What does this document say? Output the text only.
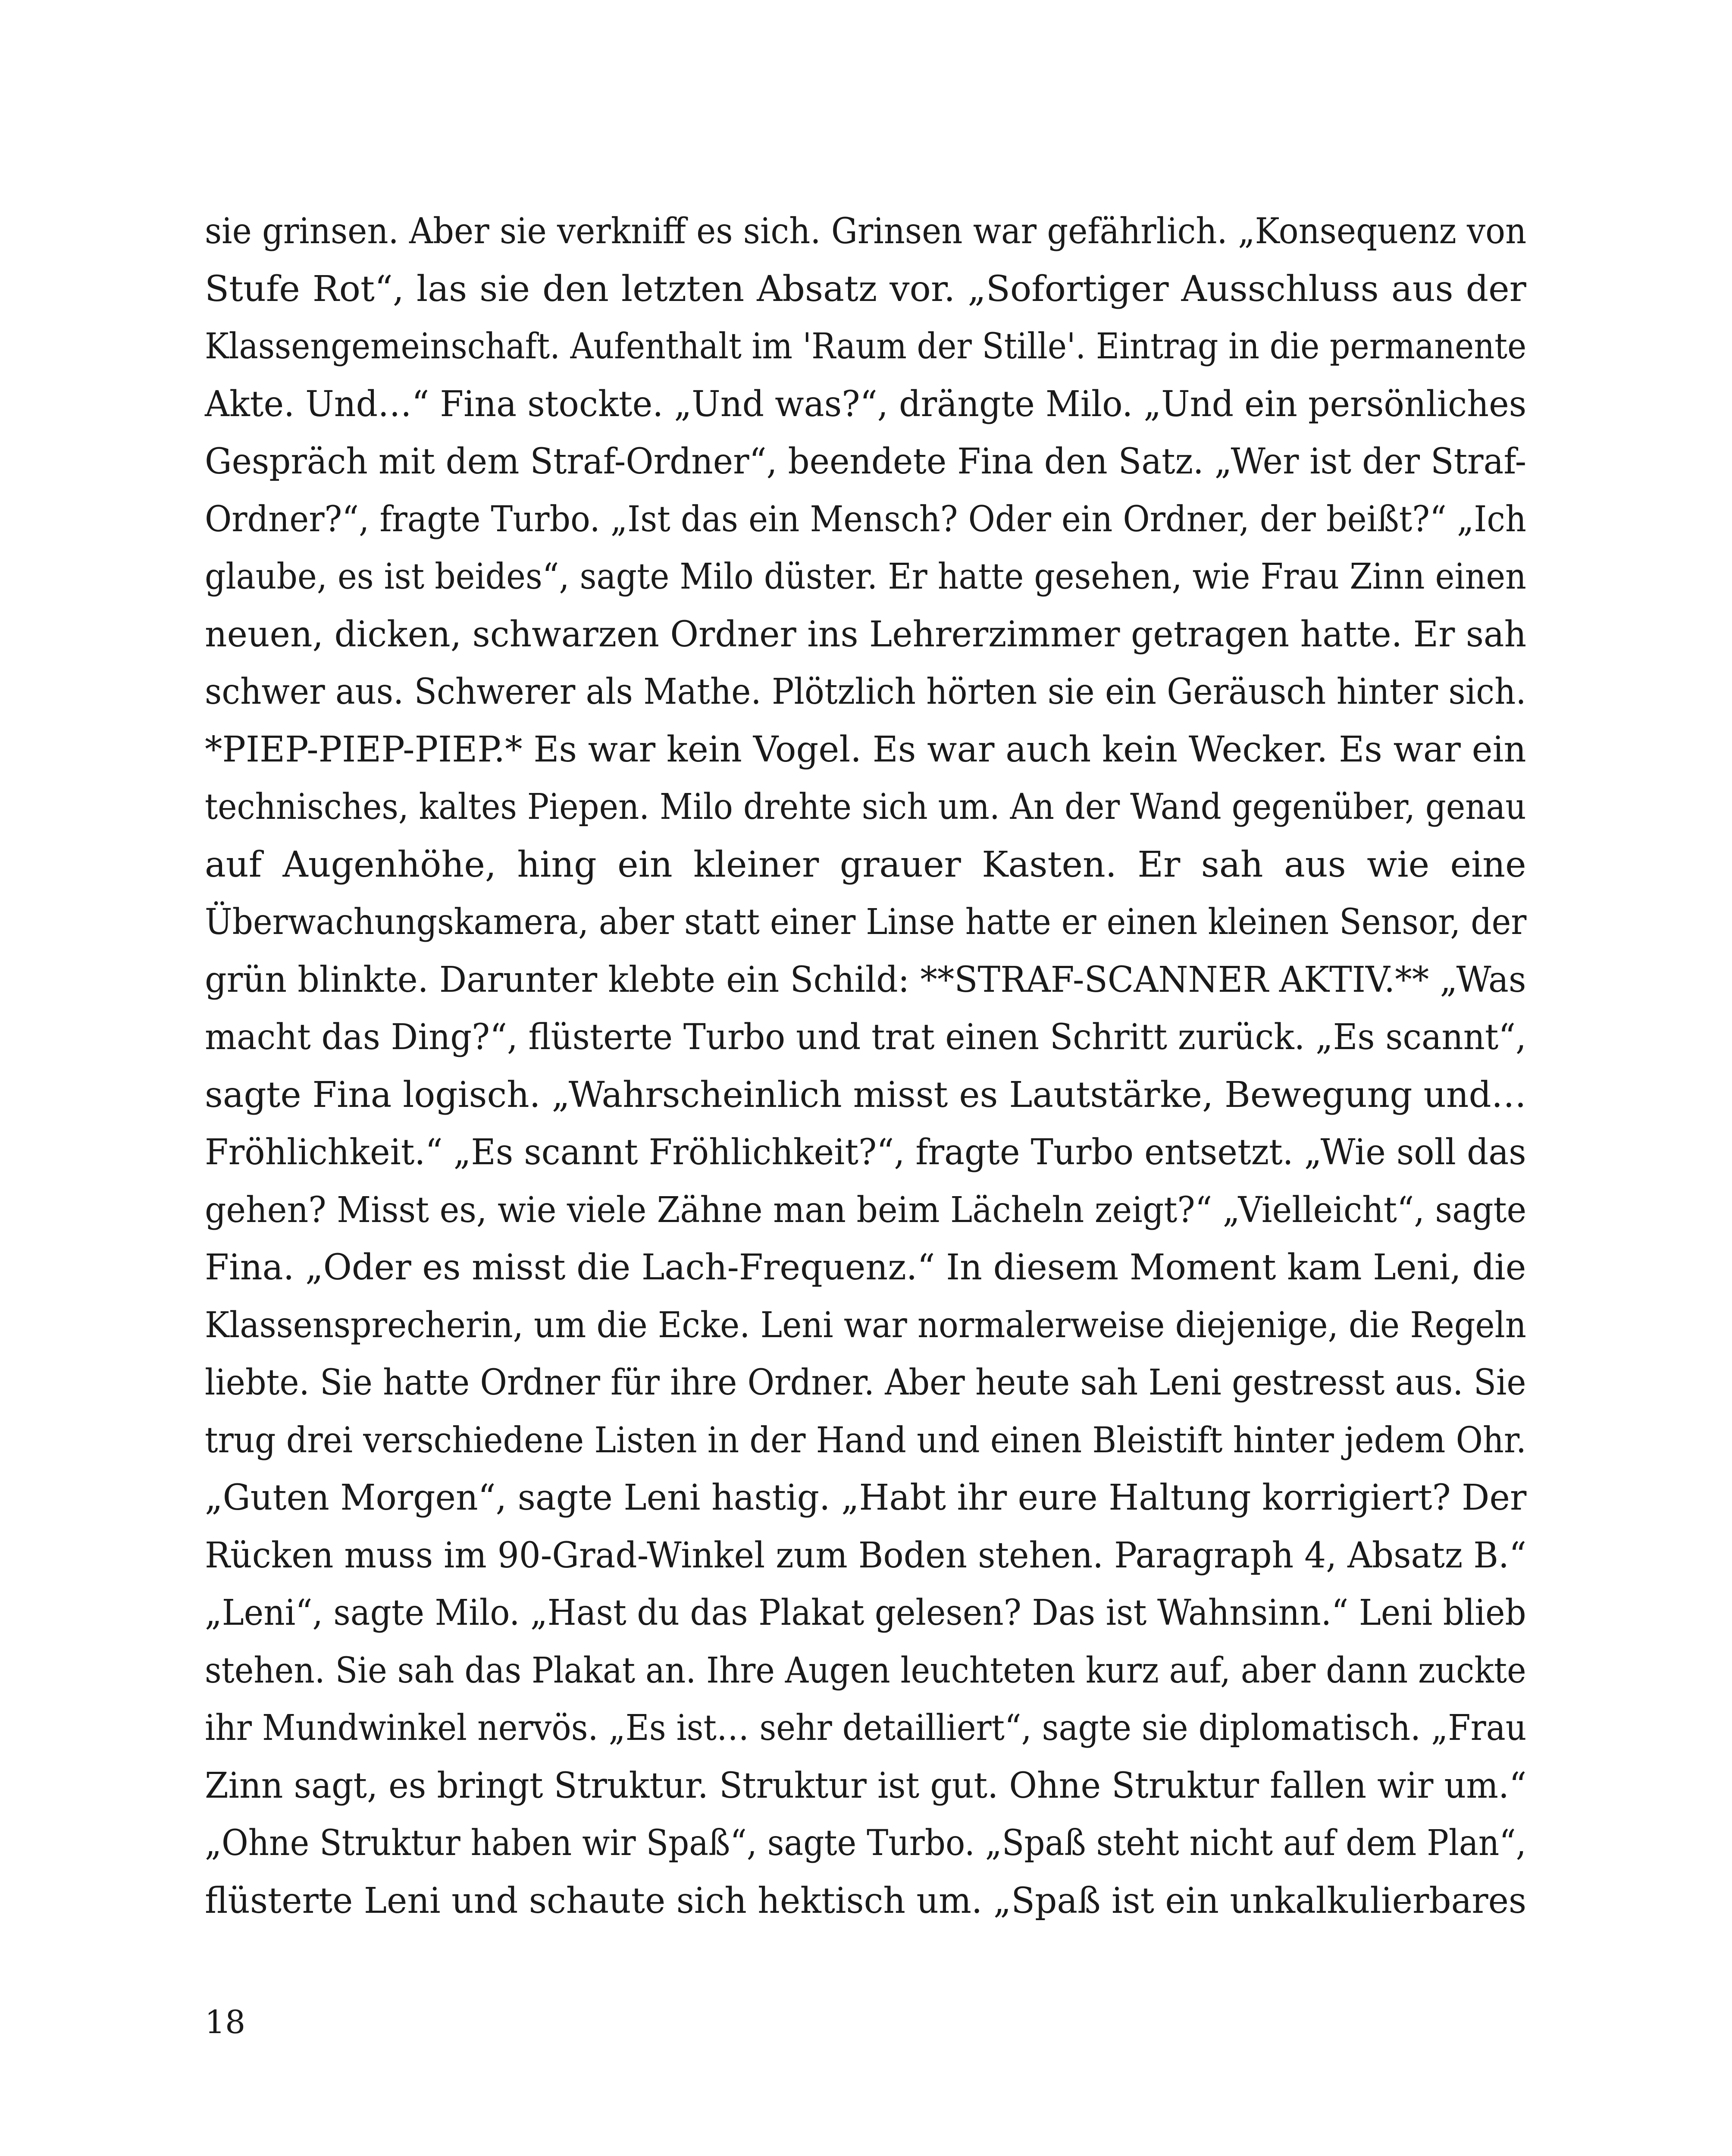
sie grinsen. Aber sie verkniff es sich. Grinsen war gefährlich. „Konsequenz von
Stufe Rot“, las sie den letzten Absatz vor. „Sofortiger Ausschluss aus der
Klassengemeinschaft. Aufenthalt im 'Raum der Stille'. Eintrag in die permanente
Akte. Und…“ Fina stockte. „Und was?“, drängte Milo. „Und ein persönliches
Gespräch mit dem Straf-Ordner“, beendete Fina den Satz. „Wer ist der Straf-
Ordner?“, fragte Turbo. „Ist das ein Mensch? Oder ein Ordner, der beißt?“ „Ich
glaube, es ist beides“, sagte Milo düster. Er hatte gesehen, wie Frau Zinn einen
neuen, dicken, schwarzen Ordner ins Lehrerzimmer getragen hatte. Er sah
schwer aus. Schwerer als Mathe. Plötzlich hörten sie ein Geräusch hinter sich.
*PIEP-PIEP-PIEP.* Es war kein Vogel. Es war auch kein Wecker. Es war ein
technisches, kaltes Piepen. Milo drehte sich um. An der Wand gegenüber, genau
auf Augenhöhe, hing ein kleiner grauer Kasten. Er sah aus wie eine
Überwachungskamera, aber statt einer Linse hatte er einen kleinen Sensor, der
grün blinkte. Darunter klebte ein Schild: **STRAF-SCANNER AKTIV.** „Was
macht das Ding?“, flüsterte Turbo und trat einen Schritt zurück. „Es scannt“,
sagte Fina logisch. „Wahrscheinlich misst es Lautstärke, Bewegung und…
Fröhlichkeit.“ „Es scannt Fröhlichkeit?“, fragte Turbo entsetzt. „Wie soll das
gehen? Misst es, wie viele Zähne man beim Lächeln zeigt?“ „Vielleicht“, sagte
Fina. „Oder es misst die Lach-Frequenz.“ In diesem Moment kam Leni, die
Klassensprecherin, um die Ecke. Leni war normalerweise diejenige, die Regeln
liebte. Sie hatte Ordner für ihre Ordner. Aber heute sah Leni gestresst aus. Sie
trug drei verschiedene Listen in der Hand und einen Bleistift hinter jedem Ohr.
„Guten Morgen“, sagte Leni hastig. „Habt ihr eure Haltung korrigiert? Der
Rücken muss im 90-Grad-Winkel zum Boden stehen. Paragraph 4, Absatz B.“
„Leni“, sagte Milo. „Hast du das Plakat gelesen? Das ist Wahnsinn.“ Leni blieb
stehen. Sie sah das Plakat an. Ihre Augen leuchteten kurz auf, aber dann zuckte
ihr Mundwinkel nervös. „Es ist… sehr detailliert“, sagte sie diplomatisch. „Frau
Zinn sagt, es bringt Struktur. Struktur ist gut. Ohne Struktur fallen wir um.“
„Ohne Struktur haben wir Spaß“, sagte Turbo. „Spaß steht nicht auf dem Plan“,
flüsterte Leni und schaute sich hektisch um. „Spaß ist ein unkalkulierbares
18
